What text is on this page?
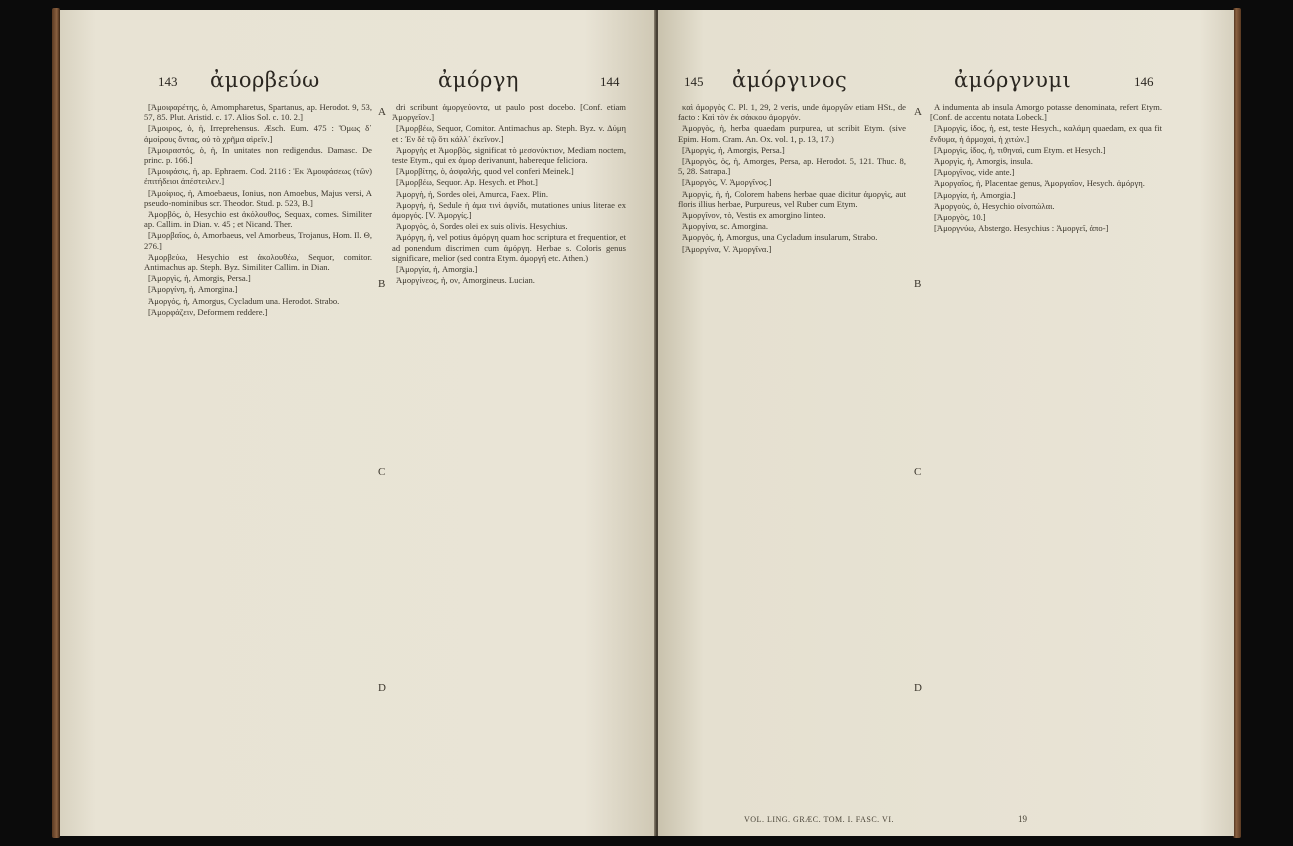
143 ἀμορβεύω	ἀμόργη	144

[Ἀμοιφαρέτης, ὁ, Amompharetus, Spartanus, ap. Herodot. 9, 53, 57, 85. Plut. Aristid. c. 17. Alios Sol. c. 10. 2.]

[Ἀμοιρος, ὁ, ἡ, Irreprehensus. Æsch. Eum. 475 : Ὅμως δ᾽ ἀμοίρους ὄντας, οὐ τὸ χρῆμα αἱρεῖν.]

[Ἀμοιραστός, ὁ, ἡ, In unitates non redigendus. Damasc. De princ. p. 166.]

[Ἀμοιφάσις, ἡ, ap. Ephraem. Cod. 2116 : Ἐκ Ἀμοιφάσεως (τῶν) ἐπιτήδειοι ἀπέστειλεν.]

[Ἀμοίφιος, ἡ, Amoebaeus, Ionius, non Amoebus, Majus versi, A pseudo-nominibus scr. Theodor. Stud. p. 523, B.]

Ἀμορβός, ὁ, Hesychio est ἀκόλουθος, Sequax, comes. Similiter ap. Callim. in Dian. v. 45 ; et Nicand. Ther.

[Ἀμορβαῖος, ὁ, Amorbaeus, vel Amorbeus, Trojanus, Hom. Il. Θ, 276.]

Ἀμορβεύω, Hesychio est ἀκολουθέω, Sequor, comitor. Antimachus ap. Steph. Byz. Similiter Callim. in Dian.

[Ἀμοργὶς, ἡ, Amorgis, Persa.]

[Ἀμοργίνη, ἡ, Amorgina.]

Ἀμοργός, ἡ, Amorgus, Cycladum una. Herodot. Strabo.

[Ἀμορφάζειν, Deformem reddere.]

A
B
C
D

dri scribunt ἀμοργεύοντα, ut paulo post docebo. [Conf. etiam Ἀμοργεῖον.]

[Ἀμορβέω, Sequor, Comitor. Antimachus ap. Steph. Byz. v. Δύμη et : Ἐν δὲ τῷ ὅτι κάλλ᾽ ἐκεῖνον.]

Ἀμοργὴς et Ἀμορβὸς, significat τὸ μεσονύκτιον, Mediam noctem, teste Etym., qui ex ἀμορ derivanunt, habereque feliciora.

[Ἀμορβίτης, ὁ, ἀσφαλής, quod vel conferi Meinek.]

[Ἀμορβέω, Sequor. Ap. Hesych. et Phot.]

Ἀμοργὴ, ἡ, Sordes olei, Amurca, Faex. Plin.

Ἀμοργή, ἡ, Sedule ἡ ἀμα τινὶ ἀφνίδι, mutationes unius literae ex ἀμοργός. [V. Ἀμοργίς.]

Ἀμοργὸς, ὁ, Sordes olei ex suis olivis. Hesychius.

Ἀμόργη, ἡ, vel potius ἀμόργη quam hoc scriptura et frequentior, et ad ponendum discrimen cum ἀμόργη. Herbae s. Coloris genus significare, melior (sed contra Etym. ἀμοργή etc. Athen.)

[Ἀμοργία, ἡ, Amorgia.]

Ἀμοργίνεος, ἡ, ον, Amorgineus. Lucian.

145 ἀμόργινος	ἀμόργνυμι	146

καὶ ἀμοργὸς C. Pl. 1, 29, 2 veris, unde ἀμοργῶν etiam HSt., de facto : Καὶ τὸν ἐκ σάκκου ἀμοργόν.

Ἀμοργὸς, ἡ, herba quaedam purpurea, ut scribit Etym. (sive Epim. Hom. Cram. An. Ox. vol. 1, p. 13, 17.)

[Ἀμοργὶς, ἡ, Amorgis, Persa.]

[Ἀμοργὸς, ὁς, ἡ, Amorges, Persa, ap. Herodot. 5, 121. Thuc. 8, 5, 28. Satrapa.]

[Ἀμοργὸς, V. Ἀμοργῖνος.]

Ἀμοργὶς, ἡ, ἡ, Colorem habens herbae quae dicitur ἀμοργὶς, aut floris illius herbae, Purpureus, vel Ruber cum Etym.

Ἀμοργῖνον, τὸ, Vestis ex amorgino linteo.

Ἀμοργίνα, sc. Amorgina.

Ἀμοργὸς, ἡ, Amorgus, una Cycladum insularum, Strabo.

[Ἀμοργίνα, V. Ἀμοργῖνα.]

A
B
C
D

A indumenta ab insula Amorgo potasse denominata, refert Etym. [Conf. de accentu notata Lobeck.]

[Ἀμοργὶς, ἰδος, ἡ, est, teste Hesych., καλάμη quaedam, ex qua fit ἔνδυμα, ἡ ἀρμοχαὶ, ἡ χιτών.]

[Ἀμοργὶς, ἰδος, ἡ, τιθηναὶ, cum Etym. et Hesych.]

Ἀμοργὶς, ἡ, Amorgis, insula.

[Ἀμοργῖνος, vide ante.]

Ἀμοργαῖος, ἡ, Placentae genus, Ἀμοργαῖον, Hesych. ἀμόργη.

[Ἀμοργία, ἡ, Amorgia.]

Ἀμοργοὺς, ὁ, Hesychio οἰνοπώλαι.

[Ἀμοργὸς, 10.]

[Ἀμοργνύω, Abstergo. Hesychius : Ἀμοργεῖ, ἀπο-]

VOL. LING. GRÆC. TOM. I. FASC. VI.	19
